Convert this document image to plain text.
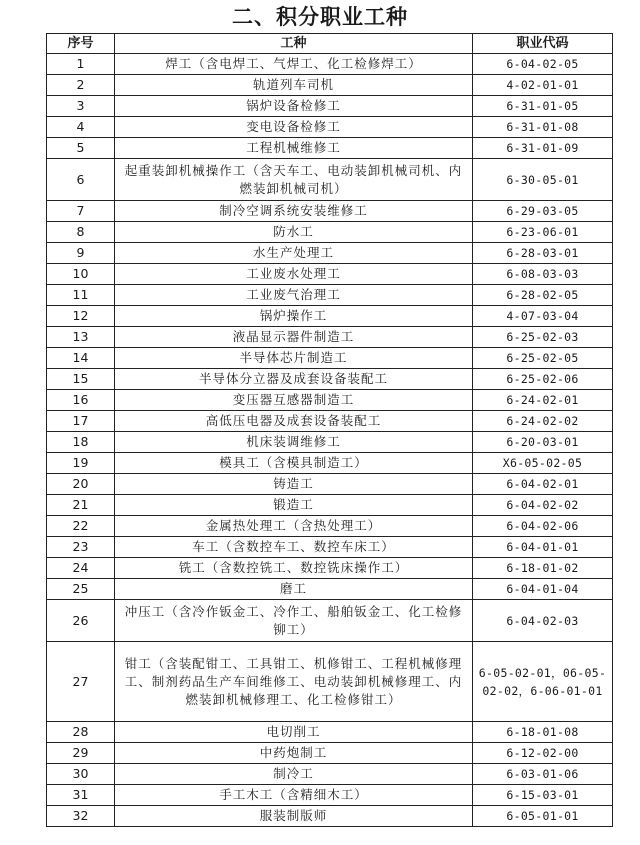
二、积分职业工种
序号	工种	职业代码
1	焊工（含电焊工、气焊工、化工检修焊工）	6-04-02-05
2	轨道列车司机	4-02-01-01
3	锅炉设备检修工	6-31-01-05
4	变电设备检修工	6-31-01-08
5	工程机械维修工	6-31-01-09
6	起重装卸机械操作工（含天车工、电动装卸机械司机、内燃装卸机械司机）	6-30-05-01
7	制冷空调系统安装维修工	6-29-03-05
8	防水工	6-23-06-01
9	水生产处理工	6-28-03-01
10	工业废水处理工	6-08-03-03
11	工业废气治理工	6-28-02-05
12	锅炉操作工	4-07-03-04
13	液晶显示器件制造工	6-25-02-03
14	半导体芯片制造工	6-25-02-05
15	半导体分立器及成套设备装配工	6-25-02-06
16	变压器互感器制造工	6-24-02-01
17	高低压电器及成套设备装配工	6-24-02-02
18	机床装调维修工	6-20-03-01
19	模具工（含模具制造工）	X6-05-02-05
20	铸造工	6-04-02-01
21	锻造工	6-04-02-02
22	金属热处理工（含热处理工）	6-04-02-06
23	车工（含数控车工、数控车床工）	6-04-01-01
24	铣工（含数控铣工、数控铣床操作工）	6-18-01-02
25	磨工	6-04-01-04
26	冲压工（含冷作钣金工、冷作工、船舶钣金工、化工检修铆工）	6-04-02-03
27	钳工（含装配钳工、工具钳工、机修钳工、工程机械修理工、制剂药品生产车间维修工、电动装卸机械修理工、内燃装卸机械修理工、化工检修钳工）	6-05-02-01，06-05-02-02，6-06-01-01
28	电切削工	6-18-01-08
29	中药炮制工	6-12-02-00
30	制冷工	6-03-01-06
31	手工木工（含精细木工）	6-15-03-01
32	服装制版师	6-05-01-01
